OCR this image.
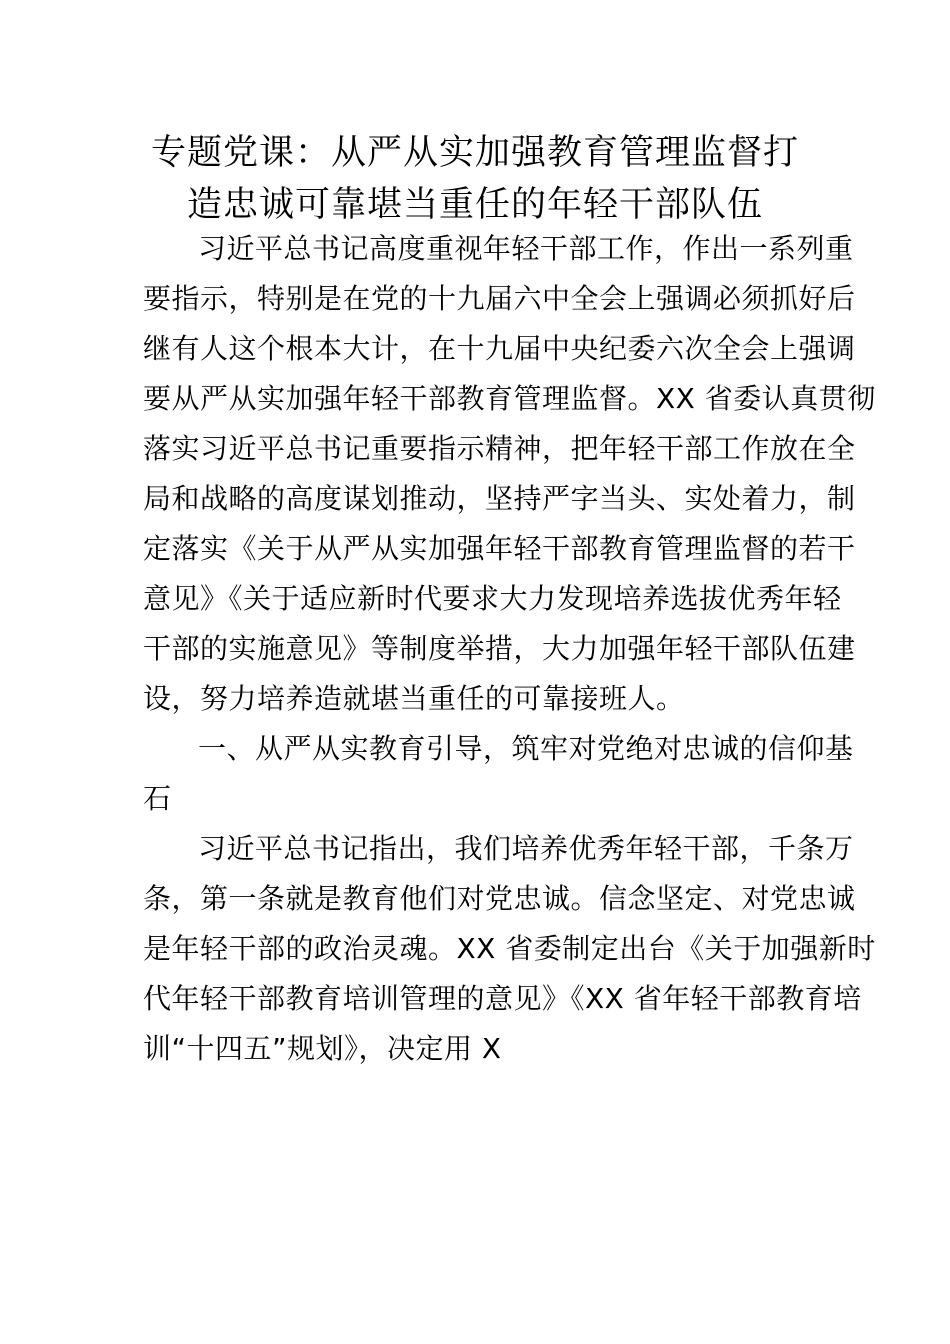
专题党课：从严从实加强教育管理监督打
造忠诚可靠堪当重任的年轻干部队伍
习近平总书记高度重视年轻干部工作，作出一系列重
要指示，特别是在党的十九届六中全会上强调必须抓好后
继有人这个根本大计，在十九届中央纪委六次全会上强调
要从严从实加强年轻干部教育管理监督。XX 省委认真贯彻
落实习近平总书记重要指示精神，把年轻干部工作放在全
局和战略的高度谋划推动，坚持严字当头、实处着力，制
定落实《关于从严从实加强年轻干部教育管理监督的若干
意见》《关于适应新时代要求大力发现培养选拔优秀年轻
干部的实施意见》等制度举措，大力加强年轻干部队伍建
设，努力培养造就堪当重任的可靠接班人。
一、从严从实教育引导，筑牢对党绝对忠诚的信仰基
石
习近平总书记指出，我们培养优秀年轻干部，千条万
条，第一条就是教育他们对党忠诚。信念坚定、对党忠诚
是年轻干部的政治灵魂。XX 省委制定出台《关于加强新时
代年轻干部教育培训管理的意见》《XX 省年轻干部教育培
训“十四五”规划》，决定用 X
